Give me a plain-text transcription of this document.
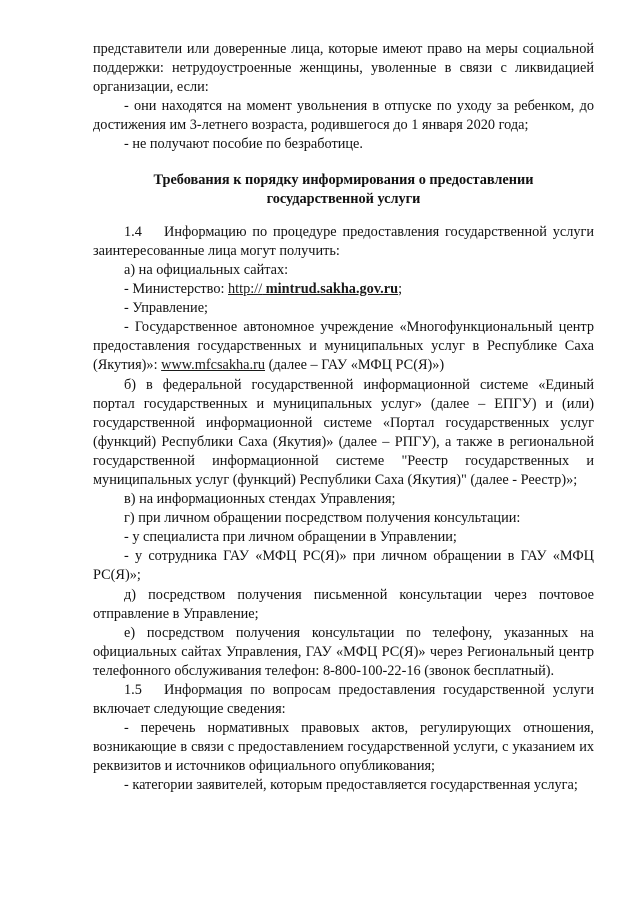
представители или доверенные лица, которые имеют право на меры социальной поддержки: нетрудоустроенные женщины, уволенные в связи с ликвидацией организации, если:

- они находятся на момент увольнения в отпуске по уходу за ребенком, до достижения им 3-летнего возраста, родившегося до 1 января 2020 года;

- не получают пособие по безработице.

Требования к порядку информирования о предоставлении государственной услуги

1.4 Информацию по процедуре предоставления государственной услуги заинтересованные лица могут получить:

а) на официальных сайтах:

- Министерство: http:// mintrud.sakha.gov.ru;

- Управление;

- Государственное автономное учреждение «Многофункциональный центр предоставления государственных и муниципальных услуг в Республике Саха (Якутия)»: www.mfcsakha.ru (далее – ГАУ «МФЦ РС(Я)»)

б) в федеральной государственной информационной системе «Единый портал государственных и муниципальных услуг» (далее – ЕПГУ) и (или) государственной информационной системе «Портал государственных услуг (функций) Республики Саха (Якутия)» (далее – РПГУ), а также в региональной государственной информационной системе "Реестр государственных и муниципальных услуг (функций) Республики Саха (Якутия)" (далее - Реестр)»;

в) на информационных стендах Управления;

г) при личном обращении посредством получения консультации:

- у специалиста при личном обращении в Управлении;

- у сотрудника ГАУ «МФЦ РС(Я)» при личном обращении в ГАУ «МФЦ РС(Я)»;

д) посредством получения письменной консультации через почтовое отправление в Управление;

е) посредством получения консультации по телефону, указанных на официальных сайтах Управления, ГАУ «МФЦ РС(Я)» через Региональный центр телефонного обслуживания телефон: 8-800-100-22-16 (звонок бесплатный).

1.5 Информация по вопросам предоставления государственной услуги включает следующие сведения:

- перечень нормативных правовых актов, регулирующих отношения, возникающие в связи с предоставлением государственной услуги, с указанием их реквизитов и источников официального опубликования;

- категории заявителей, которым предоставляется государственная услуга;
